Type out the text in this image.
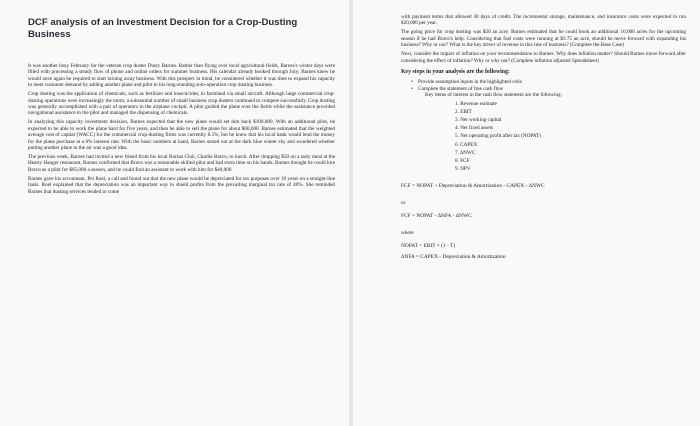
DCF analysis of an Investment Decision for a Crop-Dusting Business

It was another busy February for the veteran crop duster Dusty Barnes. Rather than flying over local agricultural fields, Barnes's winter days were filled with processing a steady flow of phone and online orders for summer business. His calendar already booked through July; Barnes knew he would once again be required to start turning away business. With this prospect in mind, he considered whether it was time to expand his capacity to meet customer demand by adding another plane and pilot to his long-standing solo-operation crop dusting business.

Crop dusting was the application of chemicals, such as fertilizer and insecticides, to farmland via small aircraft. Although large commercial crop-dusting operations were increasingly the norm, a substantial number of small business crop dusters continued to compete successfully. Crop dusting was generally accomplished with a pair of operators in the airplane cockpit. A pilot guided the plane over the fields while the assistance provided navigational assistance to the pilot and managed the dispensing of chemicals.

In analyzing this capacity investment decision, Barnes expected that the new plane would set him back $100,000. With an additional pilot, he expected to be able to work the plane hard for five years, and then be able to sell the plane for about $60,000. Barnes estimated that the weighted average cost of capital (WACC) for the commercial crop-dusting firms was currently 8.5%, but he knew that his local bank would lend the money for the plane purchase at a 6% interest rate. With the basic numbers at hand, Barnes stared out at the dark blue winter sky and wondered whether putting another plane in the air was a good idea.

The previous week, Barnes had invited a new friend from his local Rurian Club, Charlie Bravo, to lunch. After dropping $50 on a tasty meal at the Hearty Hanger restaurant, Barnes confirmed that Bravo was a reasonable skilled pilot and had extra time on his hands. Barnes thought he could hire Bravo as a pilot for $85,000 a season, and he could find an assistant to work with him for $40,000.

Barnes gave his accountant, Pei Roel, a call and found out that the new plane would be depreciated for tax purposes over 10 years on a straight-line basis. Roel explained that the depreciation was an important way to shield profits from the prevailing marginal tax rate of 40%. She reminded Barnes that dusting services tended to come

with payment terms that allowed 30 days of credit. The incremental storage, maintenance, and insurance costs were expected to run $20,000 per year.

The going price for crop dusting was $20 an acre. Barnes estimated that he could book an additional 10,000 acres for the upcoming season if he had Bravo's help. Considering that fuel costs were running at $3.75 an acre, should he move forward with expanding his business? Why or not? What is the key driver of revenue in this line of business? (Complete the Base Case)

Next, consider the impact of inflation on your recommendation to Barnes. Why does inflation matter? Should Barnes move forward after considering the effect of inflation? Why or why not? (Complete inflation adjusted Spreadsheet)

Key steps in your analysis are the following:
• Provide assumption inputs in the highlighted cells
• Complete the statement of free cash flow

Key items of interest in the cash flow statement are the following:

1. Revenue estimate
2. EBIT
3. Net working capital
4. Net fixed assets
5. Net operating profit after tax (NOPAT)
6. CAPEX
7. ΔNWC
8. FCF
9. NPV
FCF = NOPAT + Depreciation & Amortization - CAPEX - ΔNWC
or
FCF = NOPAT - ΔNFA - ΔNWC
where
NOPAT = EBIT × (1 - T)
ΔNFA = CAPEX - Depreciation & Amortization
